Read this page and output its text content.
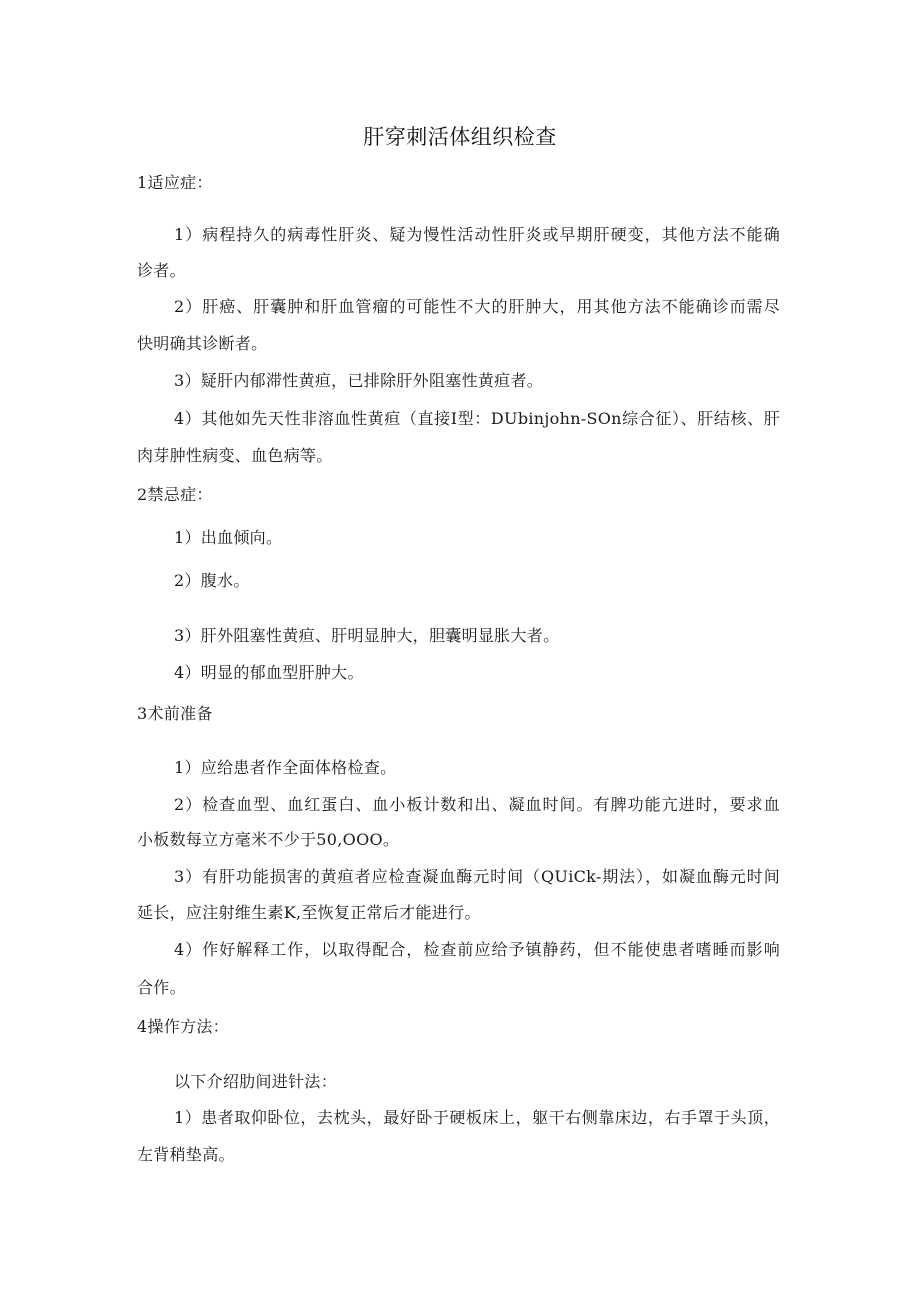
肝穿刺活体组织检查
1适应症：
1）病程持久的病毒性肝炎、疑为慢性活动性肝炎或早期肝硬变，其他方法不能确
诊者。
2）肝癌、肝囊肿和肝血管瘤的可能性不大的肝肿大，用其他方法不能确诊而需尽
快明确其诊断者。
3）疑肝内郁滞性黄疸，已排除肝外阻塞性黄疸者。
4）其他如先天性非溶血性黄疸（直接I型：DUbinjohn-SOn综合征）、肝结核、肝
肉芽肿性病变、血色病等。
2禁忌症：
1）出血倾向。
2）腹水。
3）肝外阻塞性黄疸、肝明显肿大，胆囊明显胀大者。
4）明显的郁血型肝肿大。
3术前准备
1）应给患者作全面体格检查。
2）检查血型、血红蛋白、血小板计数和出、凝血时间。有脾功能亢进时，要求血
小板数每立方毫米不少于50,OOO。
3）有肝功能损害的黄疸者应检查凝血酶元时间（QUiCk-期法），如凝血酶元时间
延长，应注射维生素K,至恢复正常后才能进行。
4）作好解释工作，以取得配合，检查前应给予镇静药，但不能使患者嗜睡而影响
合作。
4操作方法：
以下介绍肋间进针法：
1）患者取仰卧位，去枕头，最好卧于硬板床上，躯干右侧靠床边，右手罩于头顶，
左背稍垫高。
